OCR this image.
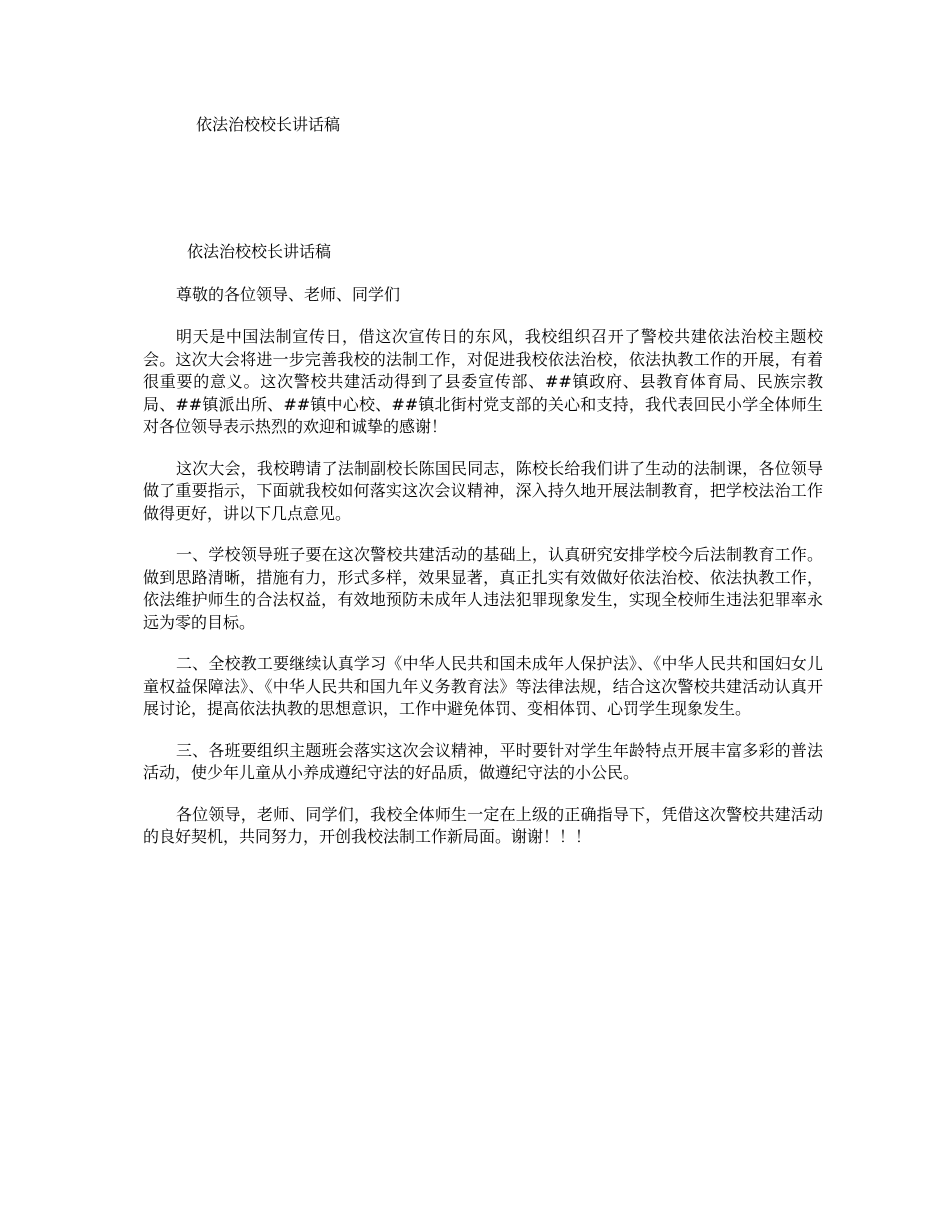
依法治校校长讲话稿
依法治校校长讲话稿

尊敬的各位领导、老师、同学们

明天是中国法制宣传日，借这次宣传日的东风，我校组织召开了警校共建依法治校主题校会。这次大会将进一步完善我校的法制工作，对促进我校依法治校，依法执教工作的开展，有着很重要的意义。这次警校共建活动得到了县委宣传部、##镇政府、县教育体育局、民族宗教局、##镇派出所、##镇中心校、##镇北街村党支部的关心和支持，我代表回民小学全体师生对各位领导表示热烈的欢迎和诚挚的感谢！

这次大会，我校聘请了法制副校长陈国民同志，陈校长给我们讲了生动的法制课，各位领导做了重要指示，下面就我校如何落实这次会议精神，深入持久地开展法制教育，把学校法治工作做得更好，讲以下几点意见。

一、学校领导班子要在这次警校共建活动的基础上，认真研究安排学校今后法制教育工作。做到思路清晰，措施有力，形式多样，效果显著，真正扎实有效做好依法治校、依法执教工作，依法维护师生的合法权益，有效地预防未成年人违法犯罪现象发生，实现全校师生违法犯罪率永远为零的目标。

二、全校教工要继续认真学习《中华人民共和国未成年人保护法》、《中华人民共和国妇女儿童权益保障法》、《中华人民共和国九年义务教育法》等法律法规，结合这次警校共建活动认真开展讨论，提高依法执教的思想意识，工作中避免体罚、变相体罚、心罚学生现象发生。

三、各班要组织主题班会落实这次会议精神，平时要针对学生年龄特点开展丰富多彩的普法活动，使少年儿童从小养成遵纪守法的好品质，做遵纪守法的小公民。

各位领导，老师、同学们，我校全体师生一定在上级的正确指导下，凭借这次警校共建活动的良好契机，共同努力，开创我校法制工作新局面。谢谢！！！
